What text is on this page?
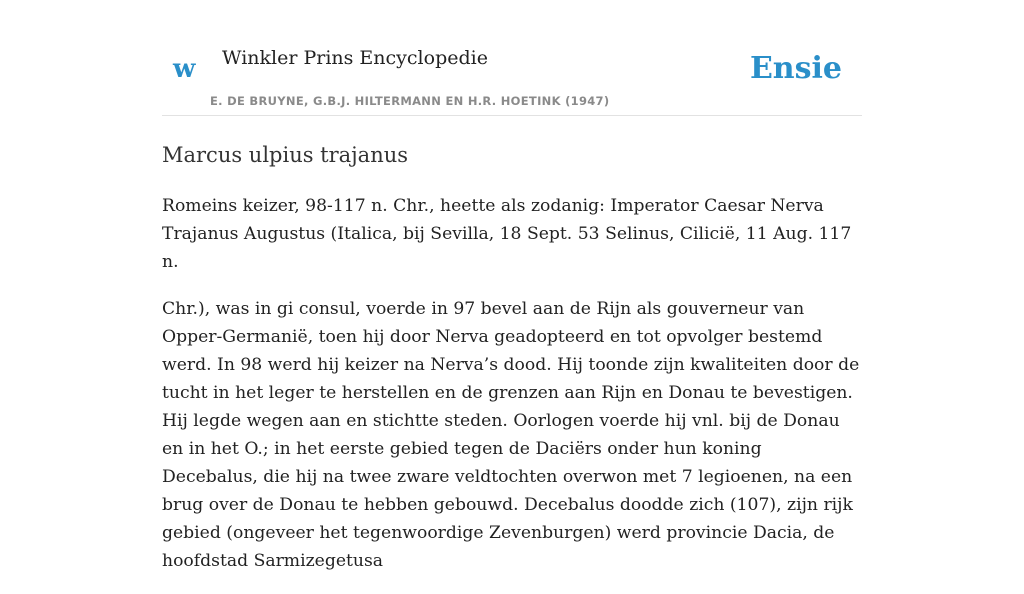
w Winkler Prins Encyclopedie
E. DE BRUYNE, G.B.J. HILTERMANN EN H.R. HOETINK (1947)
Ensie
Marcus ulpius trajanus

Romeins keizer, 98-117 n. Chr., heette als zodanig: Imperator Caesar Nerva Trajanus Augustus (Italica, bij Sevilla, 18 Sept. 53 Selinus, Cilicië, 11 Aug. 117 n.

Chr.), was in gi consul, voerde in 97 bevel aan de Rijn als gouverneur van Opper-Germanië, toen hij door Nerva geadopteerd en tot opvolger bestemd werd. In 98 werd hij keizer na Nerva’s dood. Hij toonde zijn kwaliteiten door de tucht in het leger te herstellen en de grenzen aan Rijn en Donau te bevestigen. Hij legde wegen aan en stichtte steden. Oorlogen voerde hij vnl. bij de Donau en in het O.; in het eerste gebied tegen de Daciërs onder hun koning Decebalus, die hij na twee zware veldtochten overwon met 7 legioenen, na een brug over de Donau te hebben gebouwd. Decebalus doodde zich (107), zijn rijk gebied (ongeveer het tegenwoordige Zevenburgen) werd provincie Dacia, de hoofdstad Sarmizegetusa
